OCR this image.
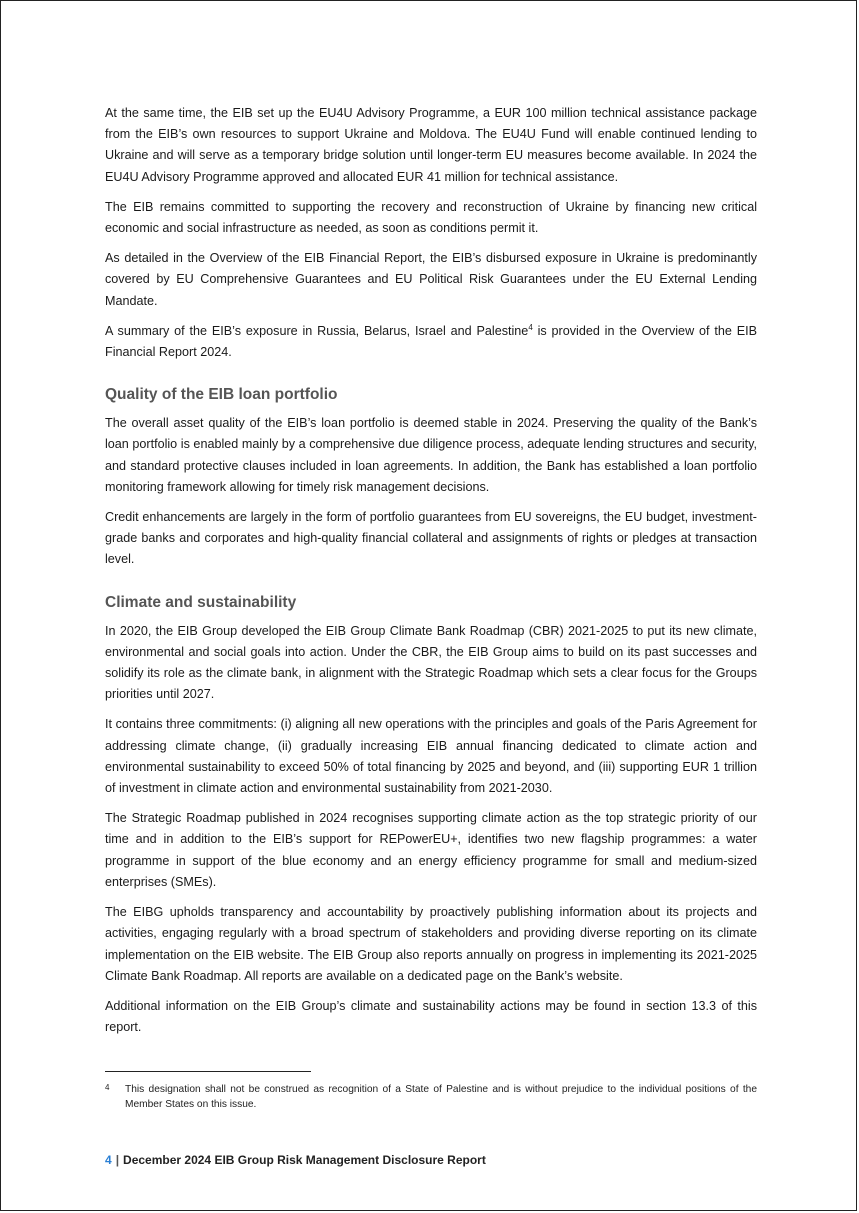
At the same time, the EIB set up the EU4U Advisory Programme, a EUR 100 million technical assistance package from the EIB’s own resources to support Ukraine and Moldova. The EU4U Fund will enable continued lending to Ukraine and will serve as a temporary bridge solution until longer-term EU measures become available. In 2024 the EU4U Advisory Programme approved and allocated EUR 41 million for technical assistance.

The EIB remains committed to supporting the recovery and reconstruction of Ukraine by financing new critical economic and social infrastructure as needed, as soon as conditions permit it.

As detailed in the Overview of the EIB Financial Report, the EIB’s disbursed exposure in Ukraine is predominantly covered by EU Comprehensive Guarantees and EU Political Risk Guarantees under the EU External Lending Mandate.

A summary of the EIB’s exposure in Russia, Belarus, Israel and Palestine$^4$ is provided in the Overview of the EIB Financial Report 2024.

Quality of the EIB loan portfolio

The overall asset quality of the EIB’s loan portfolio is deemed stable in 2024. Preserving the quality of the Bank’s loan portfolio is enabled mainly by a comprehensive due diligence process, adequate lending structures and security, and standard protective clauses included in loan agreements. In addition, the Bank has established a loan portfolio monitoring framework allowing for timely risk management decisions.

Credit enhancements are largely in the form of portfolio guarantees from EU sovereigns, the EU budget, investment-grade banks and corporates and high-quality financial collateral and assignments of rights or pledges at transaction level.

Climate and sustainability

In 2020, the EIB Group developed the EIB Group Climate Bank Roadmap (CBR) 2021-2025 to put its new climate, environmental and social goals into action. Under the CBR, the EIB Group aims to build on its past successes and solidify its role as the climate bank, in alignment with the Strategic Roadmap which sets a clear focus for the Groups priorities until 2027.

It contains three commitments: (i) aligning all new operations with the principles and goals of the Paris Agreement for addressing climate change, (ii) gradually increasing EIB annual financing dedicated to climate action and environmental sustainability to exceed 50% of total financing by 2025 and beyond, and (iii) supporting EUR 1 trillion of investment in climate action and environmental sustainability from 2021-2030.

The Strategic Roadmap published in 2024 recognises supporting climate action as the top strategic priority of our time and in addition to the EIB’s support for REPowerEU+, identifies two new flagship programmes: a water programme in support of the blue economy and an energy efficiency programme for small and medium-sized enterprises (SMEs).

The EIBG upholds transparency and accountability by proactively publishing information about its projects and activities, engaging regularly with a broad spectrum of stakeholders and providing diverse reporting on its climate implementation on the EIB website. The EIB Group also reports annually on progress in implementing its 2021-2025 Climate Bank Roadmap. All reports are available on a dedicated page on the Bank’s website.

Additional information on the EIB Group’s climate and sustainability actions may be found in section 13.3 of this report.

4	This designation shall not be construed as recognition of a State of Palestine and is without prejudice to the individual positions of the Member States on this issue.
4 | December 2024 EIB Group Risk Management Disclosure Report
